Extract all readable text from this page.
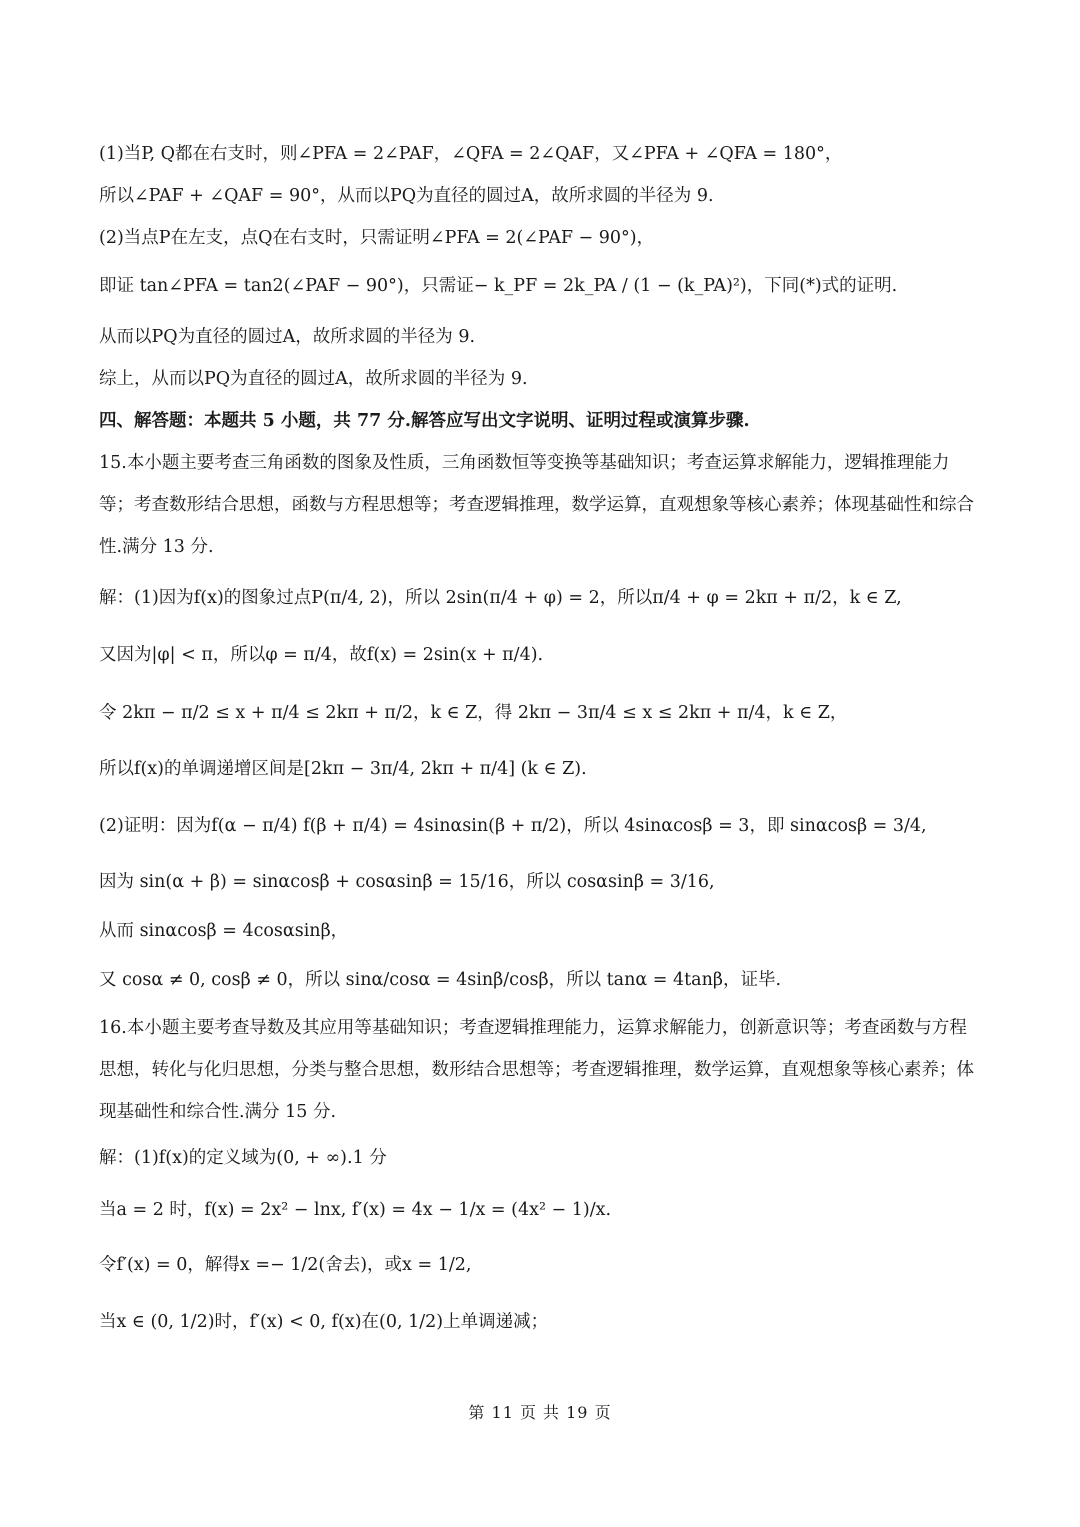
(1)当P, Q都在右支时，则∠PFA = 2∠PAF，∠QFA = 2∠QAF，又∠PFA + ∠QFA = 180°，
所以∠PAF + ∠QAF = 90°，从而以PQ为直径的圆过A，故所求圆的半径为 9.
(2)当点P在左支，点Q在右支时，只需证明∠PFA = 2(∠PAF − 90°)，
即证 tan∠PFA = tan2(∠PAF − 90°)，只需证− k_PF = 2k_PA / (1 − (k_PA)²)，下同(*)式的证明.
从而以PQ为直径的圆过A，故所求圆的半径为 9.
综上，从而以PQ为直径的圆过A，故所求圆的半径为 9.
四、解答题：本题共 5 小题，共 77 分.解答应写出文字说明、证明过程或演算步骤.
15.本小题主要考查三角函数的图象及性质，三角函数恒等变换等基础知识；考查运算求解能力，逻辑推理能力等；考查数形结合思想，函数与方程思想等；考查逻辑推理，数学运算，直观想象等核心素养；体现基础性和综合性.满分 13 分.
解：(1)因为f(x)的图象过点P(π/4, 2)，所以 2sin(π/4 + φ) = 2，所以π/4 + φ = 2kπ + π/2，k ∈ Z,
又因为|φ| < π，所以φ = π/4，故f(x) = 2sin(x + π/4).
令 2kπ − π/2 ≤ x + π/4 ≤ 2kπ + π/2，k ∈ Z，得 2kπ − 3π/4 ≤ x ≤ 2kπ + π/4，k ∈ Z，
所以f(x)的单调递增区间是[2kπ − 3π/4, 2kπ + π/4] (k ∈ Z).
(2)证明：因为f(α − π/4) f(β + π/4) = 4sinαsin(β + π/2)，所以 4sinαcosβ = 3，即 sinαcosβ = 3/4,
因为 sin(α + β) = sinαcosβ + cosαsinβ = 15/16，所以 cosαsinβ = 3/16,
从而 sinαcosβ = 4cosαsinβ，
又 cosα ≠ 0, cosβ ≠ 0，所以 sinα/cosα = 4sinβ/cosβ，所以 tanα = 4tanβ，证毕.
16.本小题主要考查导数及其应用等基础知识；考查逻辑推理能力，运算求解能力，创新意识等；考查函数与方程思想，转化与化归思想，分类与整合思想，数形结合思想等；考查逻辑推理，数学运算，直观想象等核心素养；体现基础性和综合性.满分 15 分.
解：(1)f(x)的定义域为(0, + ∞).1 分
当a = 2 时，f(x) = 2x² − lnx, f′(x) = 4x − 1/x = (4x² − 1)/x.
令f′(x) = 0，解得x =− 1/2(舍去)，或x = 1/2,
当x ∈ (0, 1/2)时，f′(x) < 0, f(x)在(0, 1/2)上单调递减；
第 11 页 共 19 页
